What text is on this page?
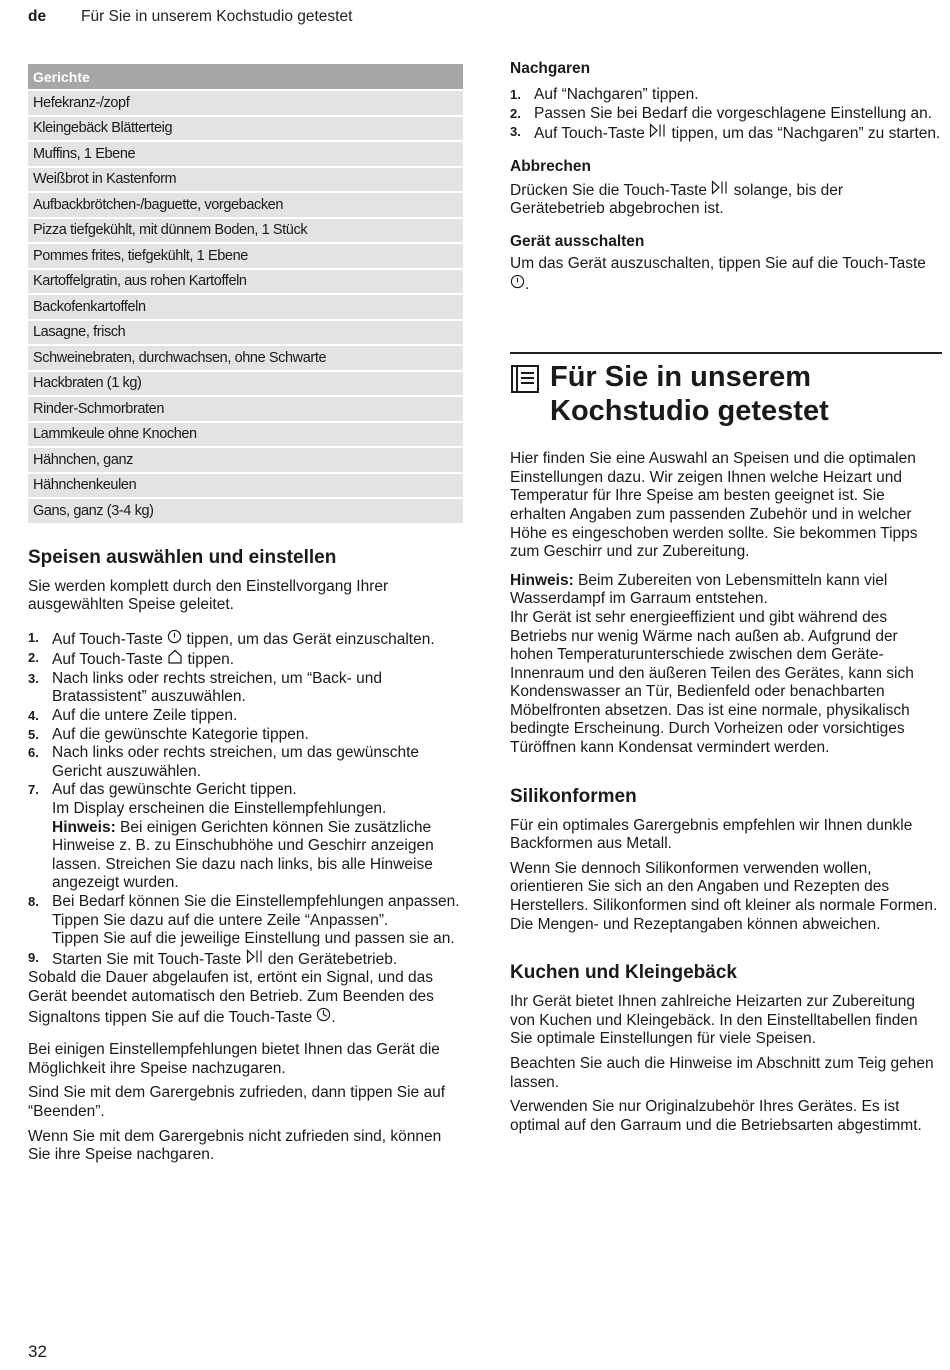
de Für Sie in unserem Kochstudio getestet
Gerichte
Hefekranz-/zopf
Kleingebäck Blätterteig
Muffins, 1 Ebene
Weißbrot in Kastenform
Aufbackbrötchen-/baguette, vorgebacken
Pizza tiefgekühlt, mit dünnem Boden, 1 Stück
Pommes frites, tiefgekühlt, 1 Ebene
Kartoffelgratin, aus rohen Kartoffeln
Backofenkartoffeln
Lasagne, frisch
Schweinebraten, durchwachsen, ohne Schwarte
Hackbraten (1 kg)
Rinder-Schmorbraten
Lammkeule ohne Knochen
Hähnchen, ganz
Hähnchenkeulen
Gans, ganz (3-4 kg)
Speisen auswählen und einstellen

Sie werden komplett durch den Einstellvorgang Ihrer ausgewählten Speise geleitet.

1. Auf Touch-Taste tippen, um das Gerät einzuschalten.
2. Auf Touch-Taste tippen.
3. Nach links oder rechts streichen, um “Back- und Bratassistent” auszuwählen.
4. Auf die untere Zeile tippen.
5. Auf die gewünschte Kategorie tippen.
6. Nach links oder rechts streichen, um das gewünschte Gericht auszuwählen.
7. Auf das gewünschte Gericht tippen.
Im Display erscheinen die Einstellempfehlungen.
Hinweis: Bei einigen Gerichten können Sie zusätzliche Hinweise z. B. zu Einschubhöhe und Geschirr anzeigen lassen. Streichen Sie dazu nach links, bis alle Hinweise angezeigt wurden.
8. Bei Bedarf können Sie die Einstellempfehlungen anpassen. Tippen Sie dazu auf die untere Zeile “Anpassen”.
Tippen Sie auf die jeweilige Einstellung und passen sie an.
9. Starten Sie mit Touch-Taste den Gerätebetrieb.

Sobald die Dauer abgelaufen ist, ertönt ein Signal, und das Gerät beendet automatisch den Betrieb. Zum Beenden des Signaltons tippen Sie auf die Touch-Taste .

Bei einigen Einstellempfehlungen bietet Ihnen das Gerät die Möglichkeit ihre Speise nachzugaren.

Sind Sie mit dem Garergebnis zufrieden, dann tippen Sie auf “Beenden”.

Wenn Sie mit dem Garergebnis nicht zufrieden sind, können Sie ihre Speise nachgaren.

Nachgaren
1. Auf “Nachgaren” tippen.
2. Passen Sie bei Bedarf die vorgeschlagene Einstellung an.
3. Auf Touch-Taste tippen, um das “Nachgaren” zu starten.
Abbrechen

Drücken Sie die Touch-Taste solange, bis der Gerätebetrieb abgebrochen ist.

Gerät ausschalten

Um das Gerät auszuschalten, tippen Sie auf die Touch-Taste .

Für Sie in unserem Kochstudio getestet

Hier finden Sie eine Auswahl an Speisen und die optimalen Einstellungen dazu. Wir zeigen Ihnen welche Heizart und Temperatur für Ihre Speise am besten geeignet ist. Sie erhalten Angaben zum passenden Zubehör und in welcher Höhe es eingeschoben werden sollte. Sie bekommen Tipps zum Geschirr und zur Zubereitung.

Hinweis: Beim Zubereiten von Lebensmitteln kann viel Wasserdampf im Garraum entstehen.

Ihr Gerät ist sehr energieeffizient und gibt während des Betriebs nur wenig Wärme nach außen ab. Aufgrund der hohen Temperaturunterschiede zwischen dem Geräte-Innenraum und den äußeren Teilen des Gerätes, kann sich Kondenswasser an Tür, Bedienfeld oder benachbarten Möbelfronten absetzen. Das ist eine normale, physikalisch bedingte Erscheinung. Durch Vorheizen oder vorsichtiges Türöffnen kann Kondensat vermindert werden.

Silikonformen

Für ein optimales Garergebnis empfehlen wir Ihnen dunkle Backformen aus Metall.

Wenn Sie dennoch Silikonformen verwenden wollen, orientieren Sie sich an den Angaben und Rezepten des Herstellers. Silikonformen sind oft kleiner als normale Formen. Die Mengen- und Rezeptangaben können abweichen.

Kuchen und Kleingebäck

Ihr Gerät bietet Ihnen zahlreiche Heizarten zur Zubereitung von Kuchen und Kleingebäck. In den Einstelltabellen finden Sie optimale Einstellungen für viele Speisen.

Beachten Sie auch die Hinweise im Abschnitt zum Teig gehen lassen.

Verwenden Sie nur Originalzubehör Ihres Gerätes. Es ist optimal auf den Garraum und die Betriebsarten abgestimmt.

32
